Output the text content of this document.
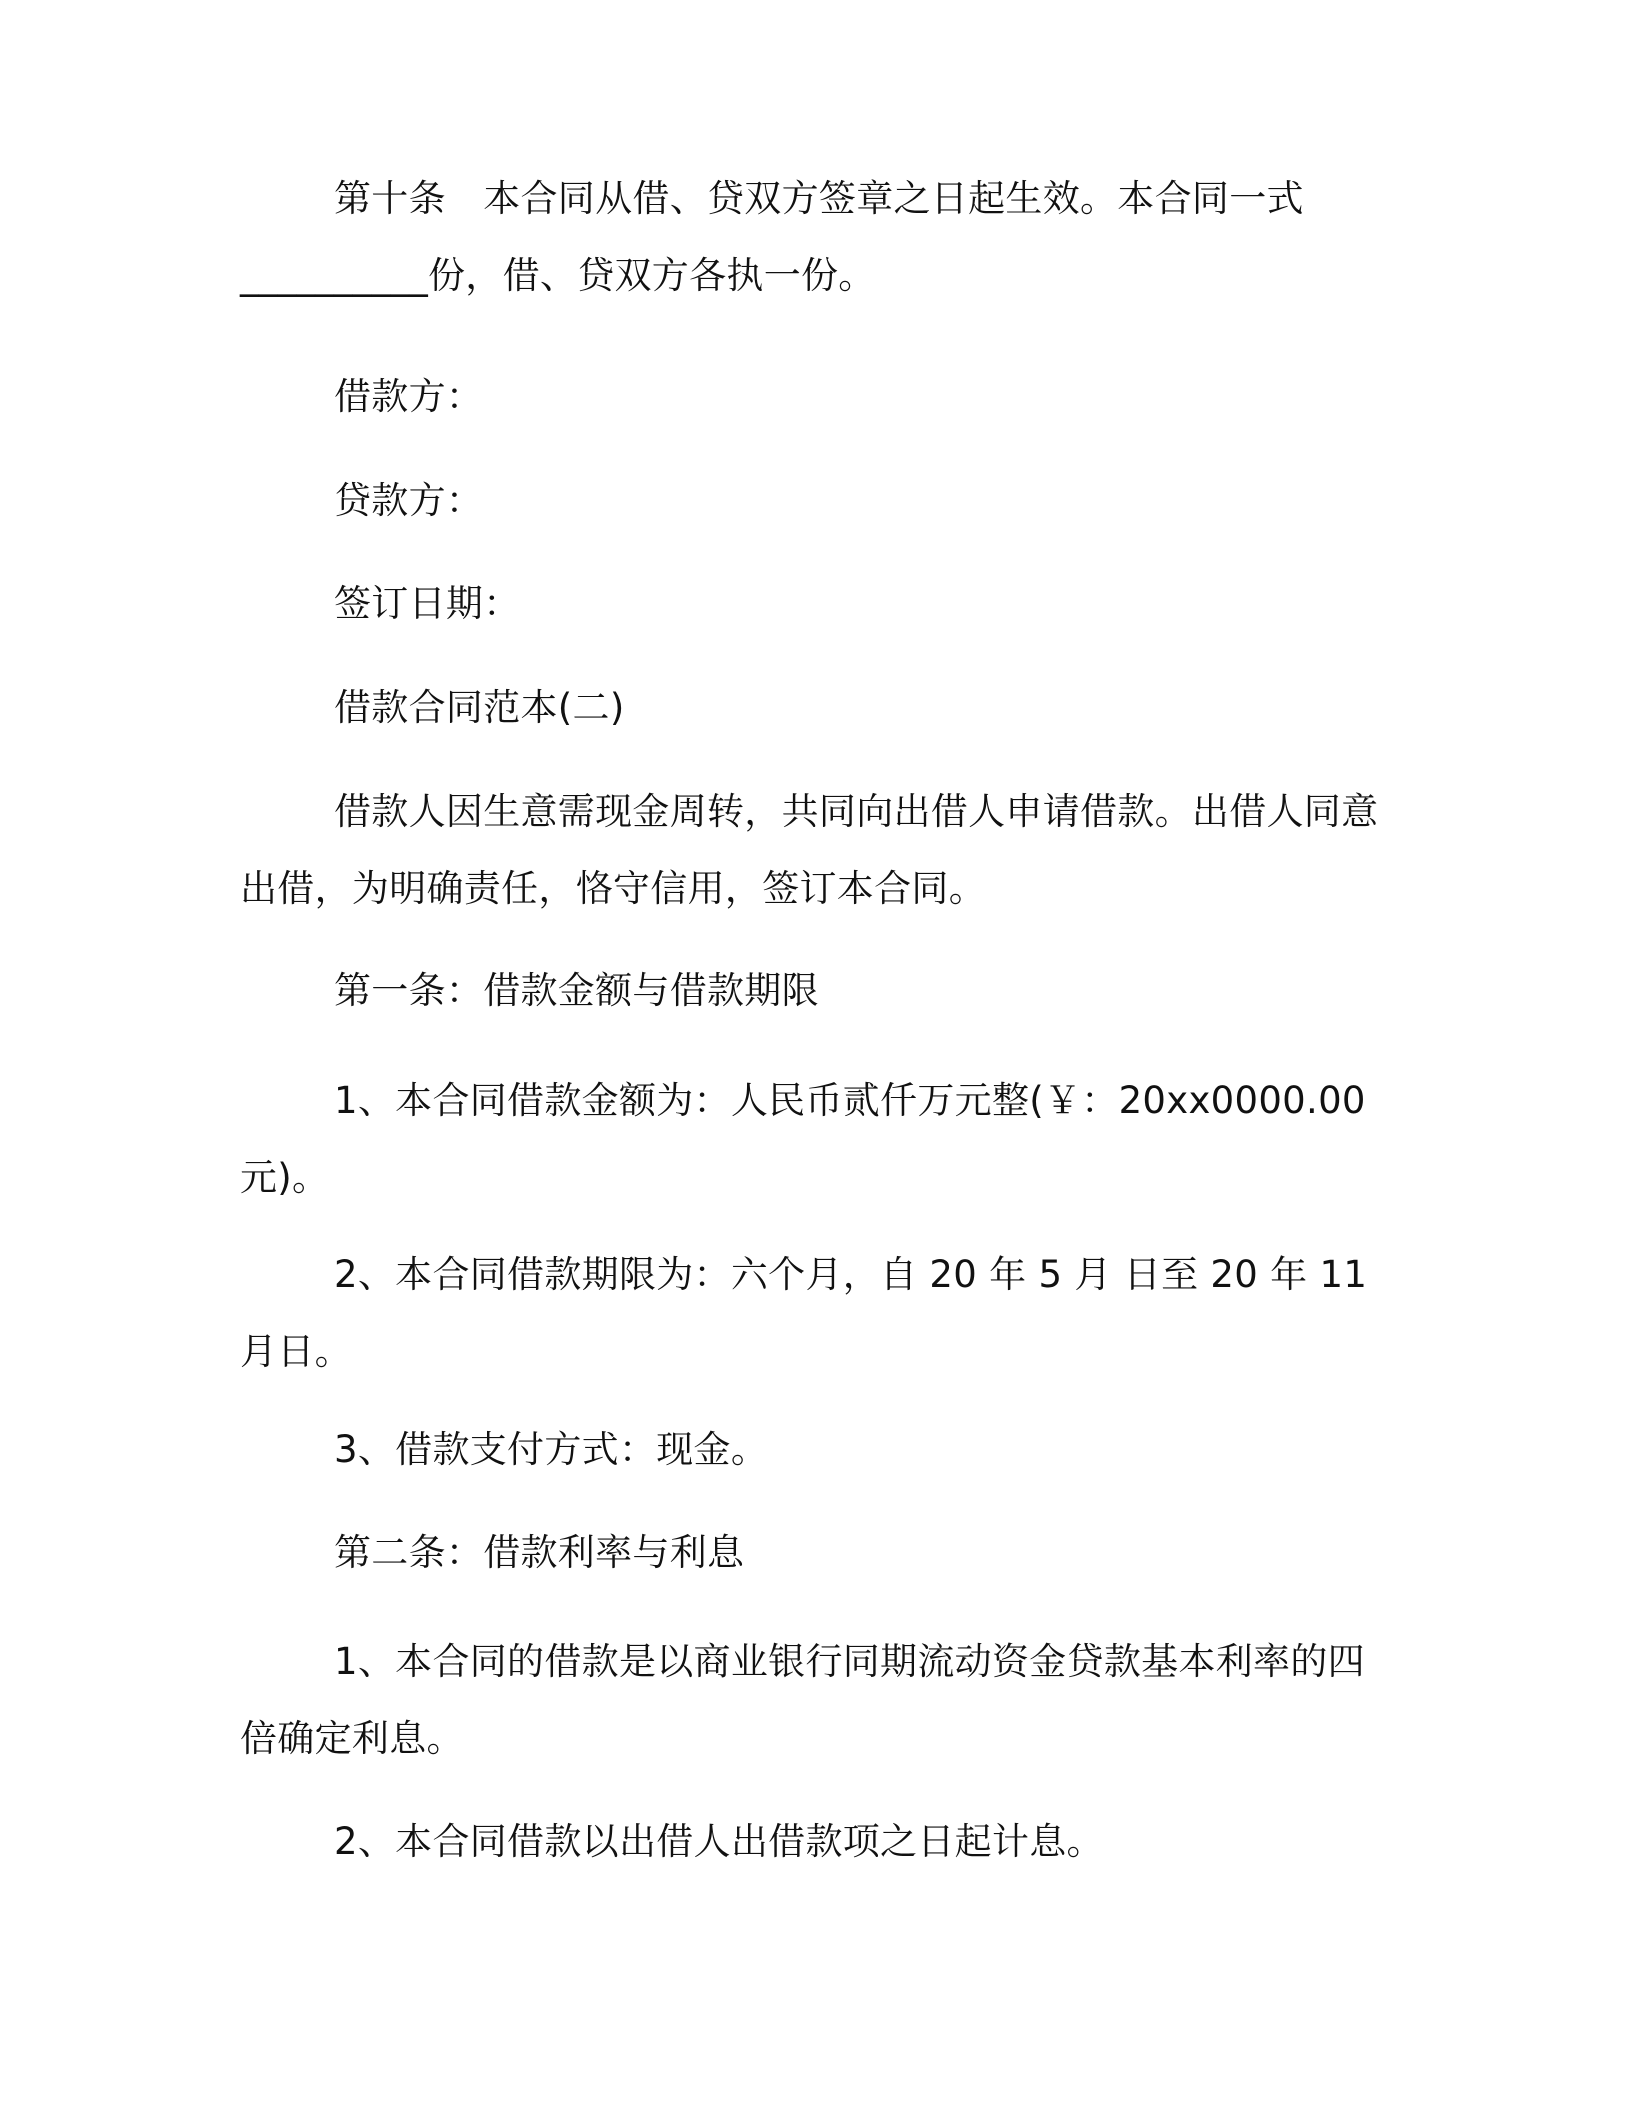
第十条　本合同从借、贷双方签章之日起生效。本合同一式__________份，借、贷双方各执一份。

借款方：

贷款方：

签订日期：

借款合同范本(二)

借款人因生意需现金周转，共同向出借人申请借款。出借人同意出借，为明确责任，恪守信用，签订本合同。

第一条：借款金额与借款期限

1、本合同借款金额为：人民币贰仟万元整(￥：20xx0000.00元)。

2、本合同借款期限为：六个月，自 20 年 5 月 日至 20 年 11 月日。

3、借款支付方式：现金。

第二条：借款利率与利息

1、本合同的借款是以商业银行同期流动资金贷款基本利率的四倍确定利息。

2、本合同借款以出借人出借款项之日起计息。
